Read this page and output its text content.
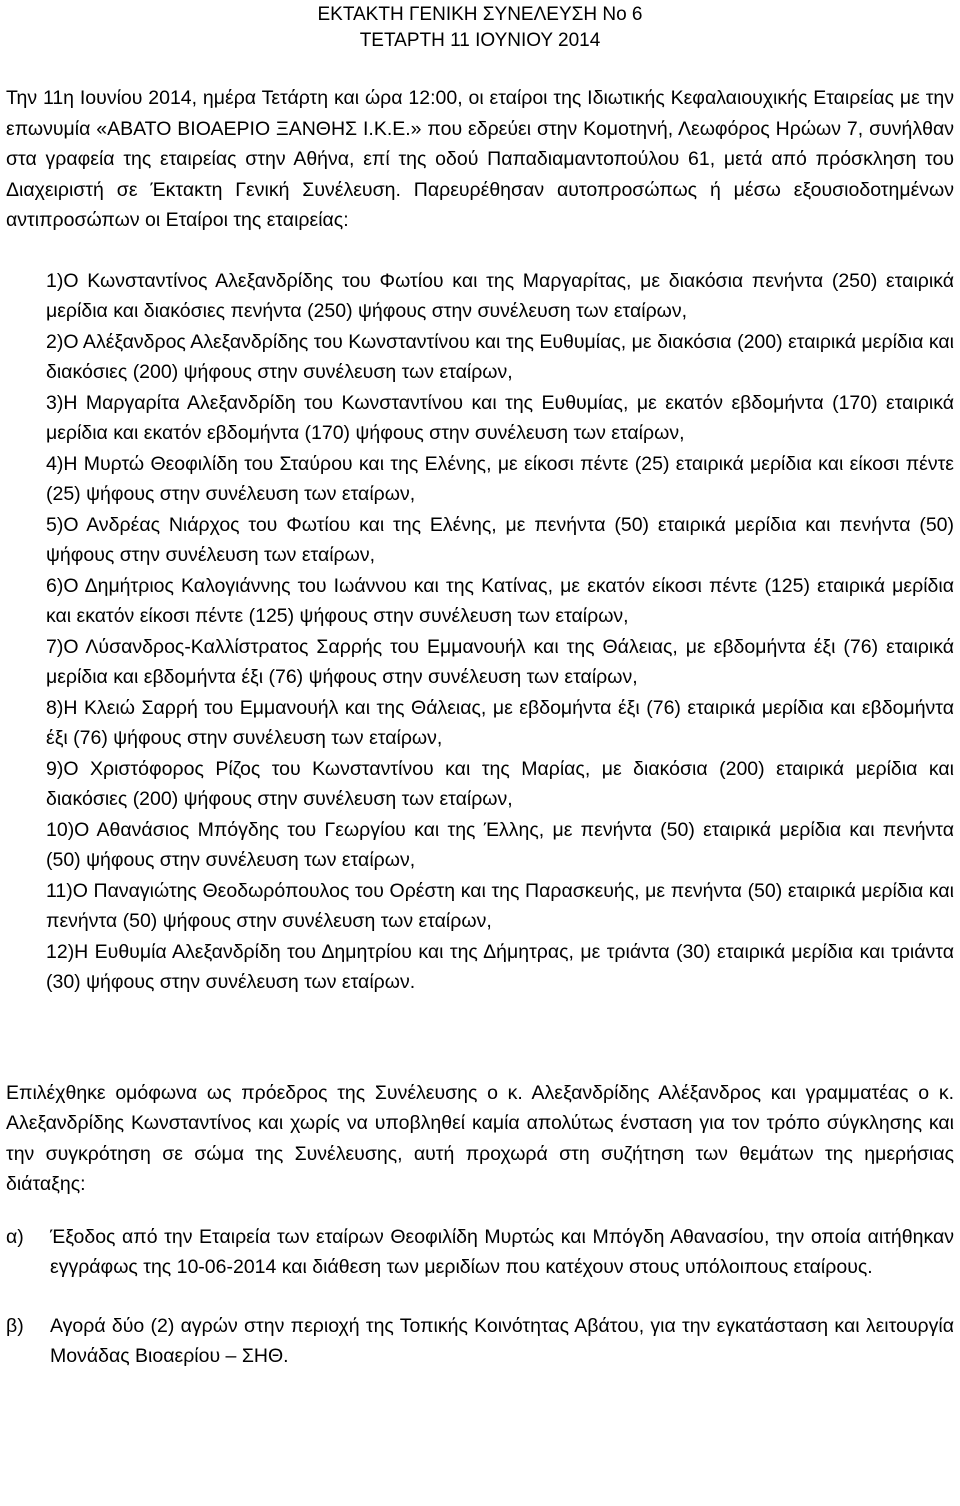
ΕΚΤΑΚΤΗ ΓΕΝΙΚΗ ΣΥΝΕΛΕΥΣΗ Νο 6

ΤΕΤΑΡΤΗ 11 ΙΟΥΝΙΟΥ 2014

Την 11η Ιουνίου 2014, ημέρα Τετάρτη και ώρα 12:00, οι εταίροι της Ιδιωτικής Κεφαλαιουχικής Εταιρείας με την επωνυμία «ΑΒΑΤΟ ΒΙΟΑΕΡΙΟ ΞΑΝΘΗΣ Ι.Κ.Ε.» που εδρεύει στην Κομοτηνή, Λεωφόρος Ηρώων 7, συνήλθαν στα γραφεία της εταιρείας στην Αθήνα, επί της οδού Παπαδιαμαντοπούλου 61, μετά από πρόσκληση του Διαχειριστή σε Έκτακτη Γενική Συνέλευση. Παρευρέθησαν αυτοπροσώπως ή μέσω εξουσιοδοτημένων αντιπροσώπων οι Εταίροι της εταιρείας:

1)Ο Κωνσταντίνος Αλεξανδρίδης του Φωτίου και της Μαργαρίτας, με διακόσια πενήντα (250) εταιρικά μερίδια και διακόσιες πενήντα (250) ψήφους στην συνέλευση των εταίρων,

2)Ο Αλέξανδρος Αλεξανδρίδης του Κωνσταντίνου και της Ευθυμίας, με διακόσια (200) εταιρικά μερίδια και διακόσιες (200) ψήφους στην συνέλευση των εταίρων,

3)Η Μαργαρίτα Αλεξανδρίδη του Κωνσταντίνου και της Ευθυμίας, με εκατόν εβδομήντα (170) εταιρικά μερίδια και εκατόν εβδομήντα (170) ψήφους στην συνέλευση των εταίρων,

4)Η Μυρτώ Θεοφιλίδη του Σταύρου και της Ελένης, με είκοσι πέντε (25) εταιρικά μερίδια και είκοσι πέντε (25) ψήφους στην συνέλευση των εταίρων,

5)Ο Ανδρέας Νιάρχος του Φωτίου και της Ελένης, με πενήντα (50) εταιρικά μερίδια και πενήντα (50) ψήφους στην συνέλευση των εταίρων,

6)Ο Δημήτριος Καλογιάννης του Ιωάννου και της Κατίνας, με εκατόν είκοσι πέντε (125) εταιρικά μερίδια και εκατόν είκοσι πέντε (125) ψήφους στην συνέλευση των εταίρων,

7)Ο Λύσανδρος-Καλλίστρατος Σαρρής του Εμμανουήλ και της Θάλειας, με εβδομήντα έξι (76) εταιρικά μερίδια και εβδομήντα έξι (76) ψήφους στην συνέλευση των εταίρων,

8)Η Κλειώ Σαρρή του Εμμανουήλ και της Θάλειας, με εβδομήντα έξι (76) εταιρικά μερίδια και εβδομήντα έξι (76) ψήφους στην συνέλευση των εταίρων,

9)Ο Χριστόφορος Ρίζος του Κωνσταντίνου και της Μαρίας, με διακόσια (200) εταιρικά μερίδια και διακόσιες (200) ψήφους στην συνέλευση των εταίρων,

10)Ο Αθανάσιος Μπόγδης του Γεωργίου και της Έλλης, με πενήντα (50) εταιρικά μερίδια και πενήντα (50) ψήφους στην συνέλευση των εταίρων,

11)Ο Παναγιώτης Θεοδωρόπουλος του Ορέστη και της Παρασκευής, με πενήντα (50) εταιρικά μερίδια και πενήντα (50) ψήφους στην συνέλευση των εταίρων,

12)Η Ευθυμία Αλεξανδρίδη του Δημητρίου και της Δήμητρας, με τριάντα (30) εταιρικά μερίδια και τριάντα (30) ψήφους στην συνέλευση των εταίρων.

Επιλέχθηκε ομόφωνα ως πρόεδρος της Συνέλευσης ο κ. Αλεξανδρίδης Αλέξανδρος και γραμματέας ο κ. Αλεξανδρίδης Κωνσταντίνος και χωρίς να υποβληθεί καμία απολύτως ένσταση για τον τρόπο σύγκλησης και την συγκρότηση σε σώμα της Συνέλευσης, αυτή προχωρά στη συζήτηση των θεμάτων της ημερήσιας διάταξης:

α)	Έξοδος από την Εταιρεία των εταίρων Θεοφιλίδη Μυρτώς και Μπόγδη Αθανασίου, την οποία αιτήθηκαν εγγράφως της 10-06-2014 και διάθεση των μεριδίων που κατέχουν στους υπόλοιπους εταίρους.
β)	Αγορά δύο (2) αγρών στην περιοχή της Τοπικής Κοινότητας Αβάτου, για την εγκατάσταση και λειτουργία Μονάδας Βιοαερίου – ΣΗΘ.
